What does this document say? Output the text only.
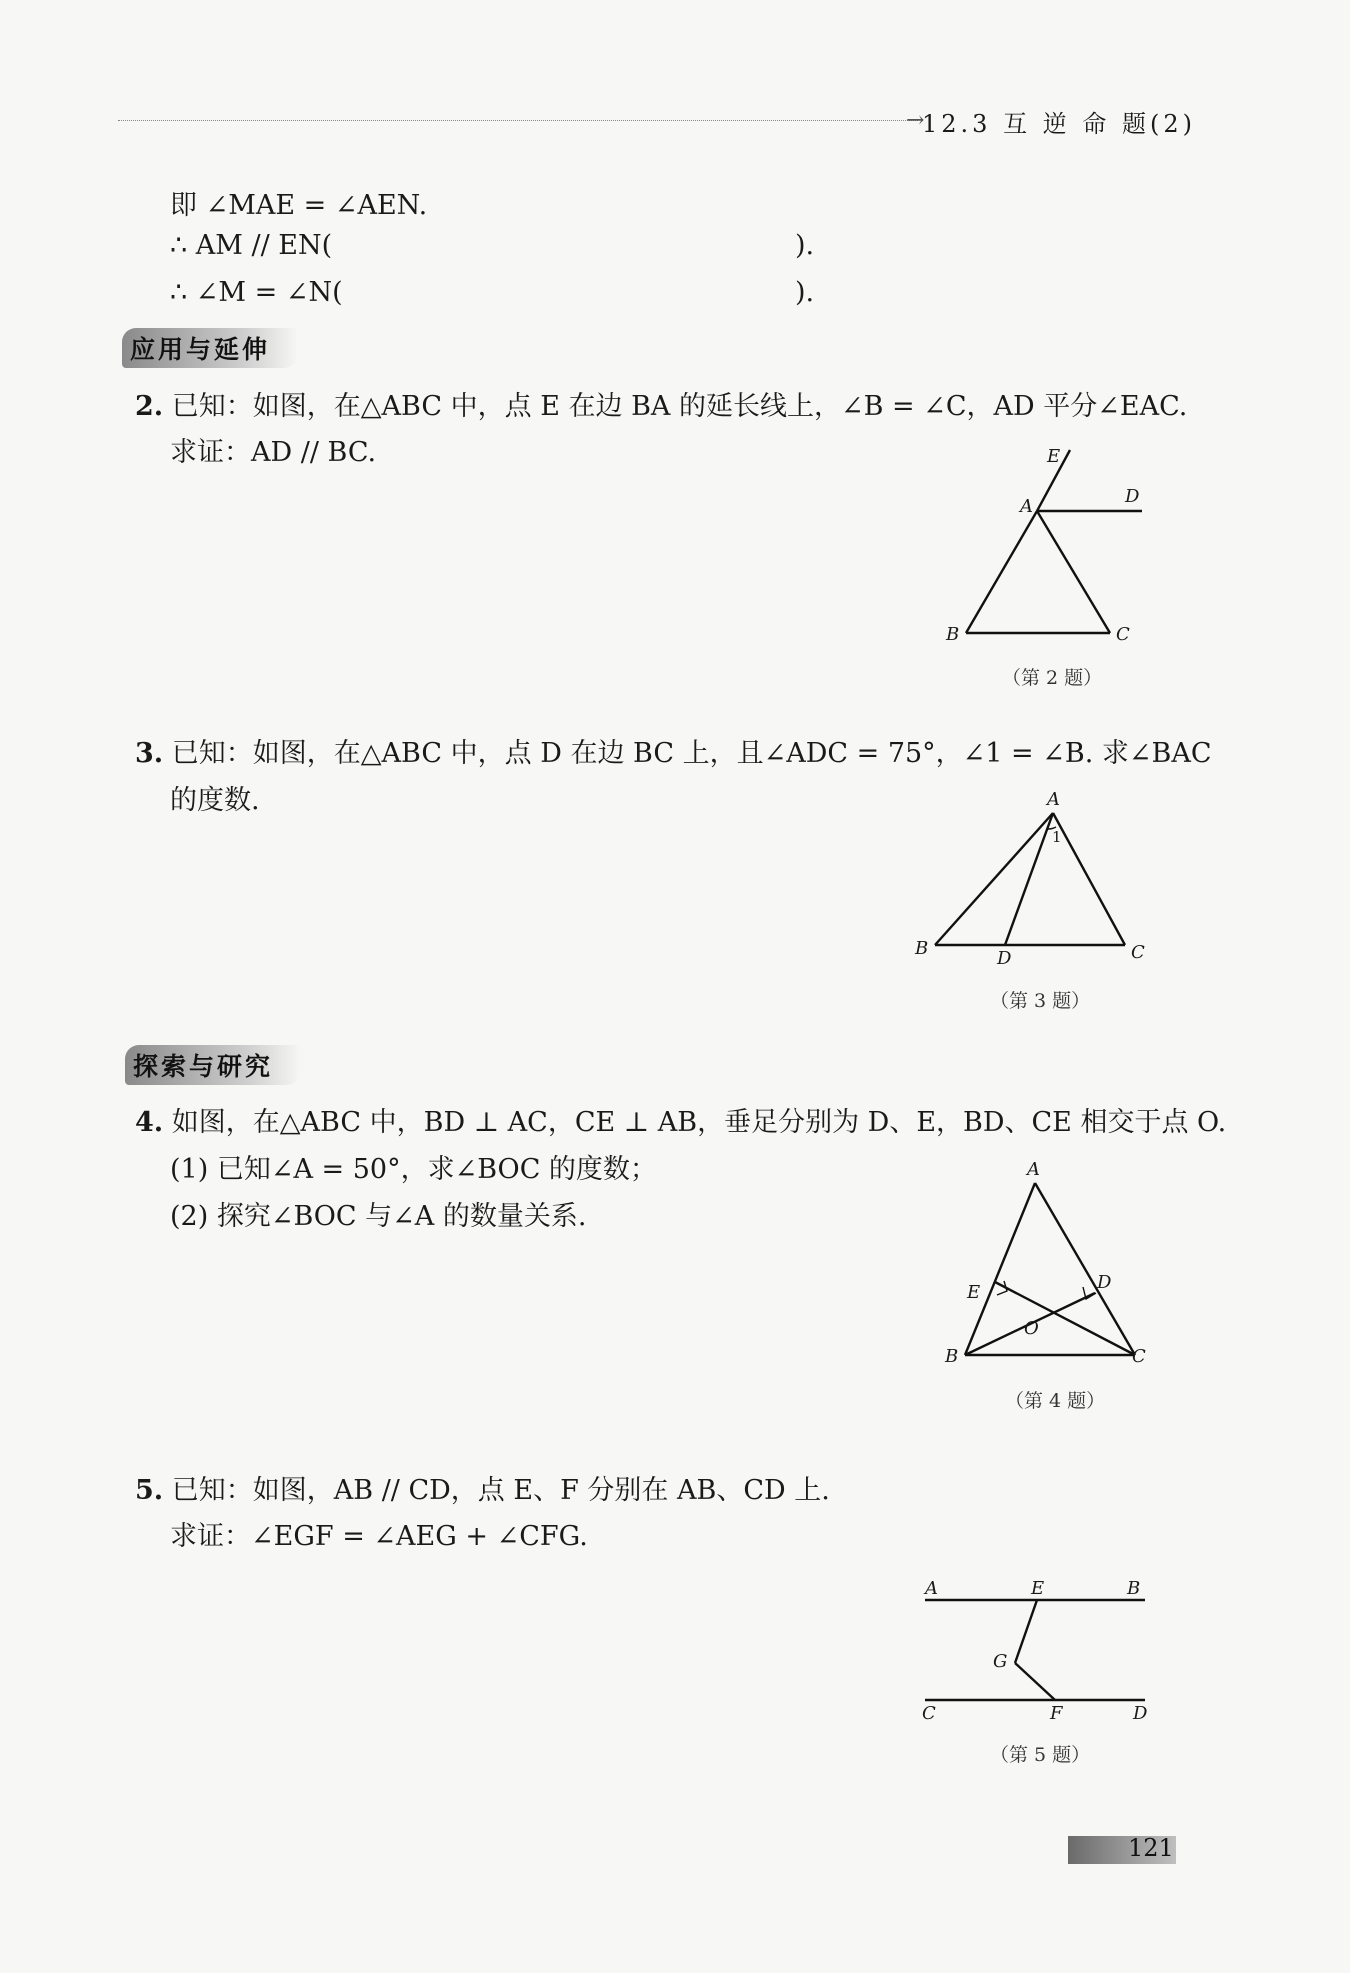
→
12.3 互 逆 命 题(2)
即 ∠MAE = ∠AEN.
∴ AM // EN(	).
∴ ∠M = ∠N(	).
应用与延伸
2. 已知：如图，在△ABC 中，点 E 在边 BA 的延长线上，∠B = ∠C，AD 平分∠EAC.
求证：AD // BC.	E
A	D
B	C
（第 2 题）
3. 已知：如图，在△ABC 中，点 D 在边 BC 上，且∠ADC = 75°，∠1 = ∠B. 求∠BAC
的度数.	A
1
B	D	C
（第 3 题）
探索与研究
4. 如图，在△ABC 中，BD ⊥ AC，CE ⊥ AB，垂足分别为 D、E，BD、CE 相交于点 O.
(1) 已知∠A = 50°，求∠BOC 的度数；
(2) 探究∠BOC 与∠A 的数量关系.
A
E	D
O
B	C
（第 4 题）
5. 已知：如图，AB // CD，点 E、F 分别在 AB、CD 上.
求证：∠EGF = ∠AEG + ∠CFG.
A	E	B
G
C	F	D
（第 5 题）
121
